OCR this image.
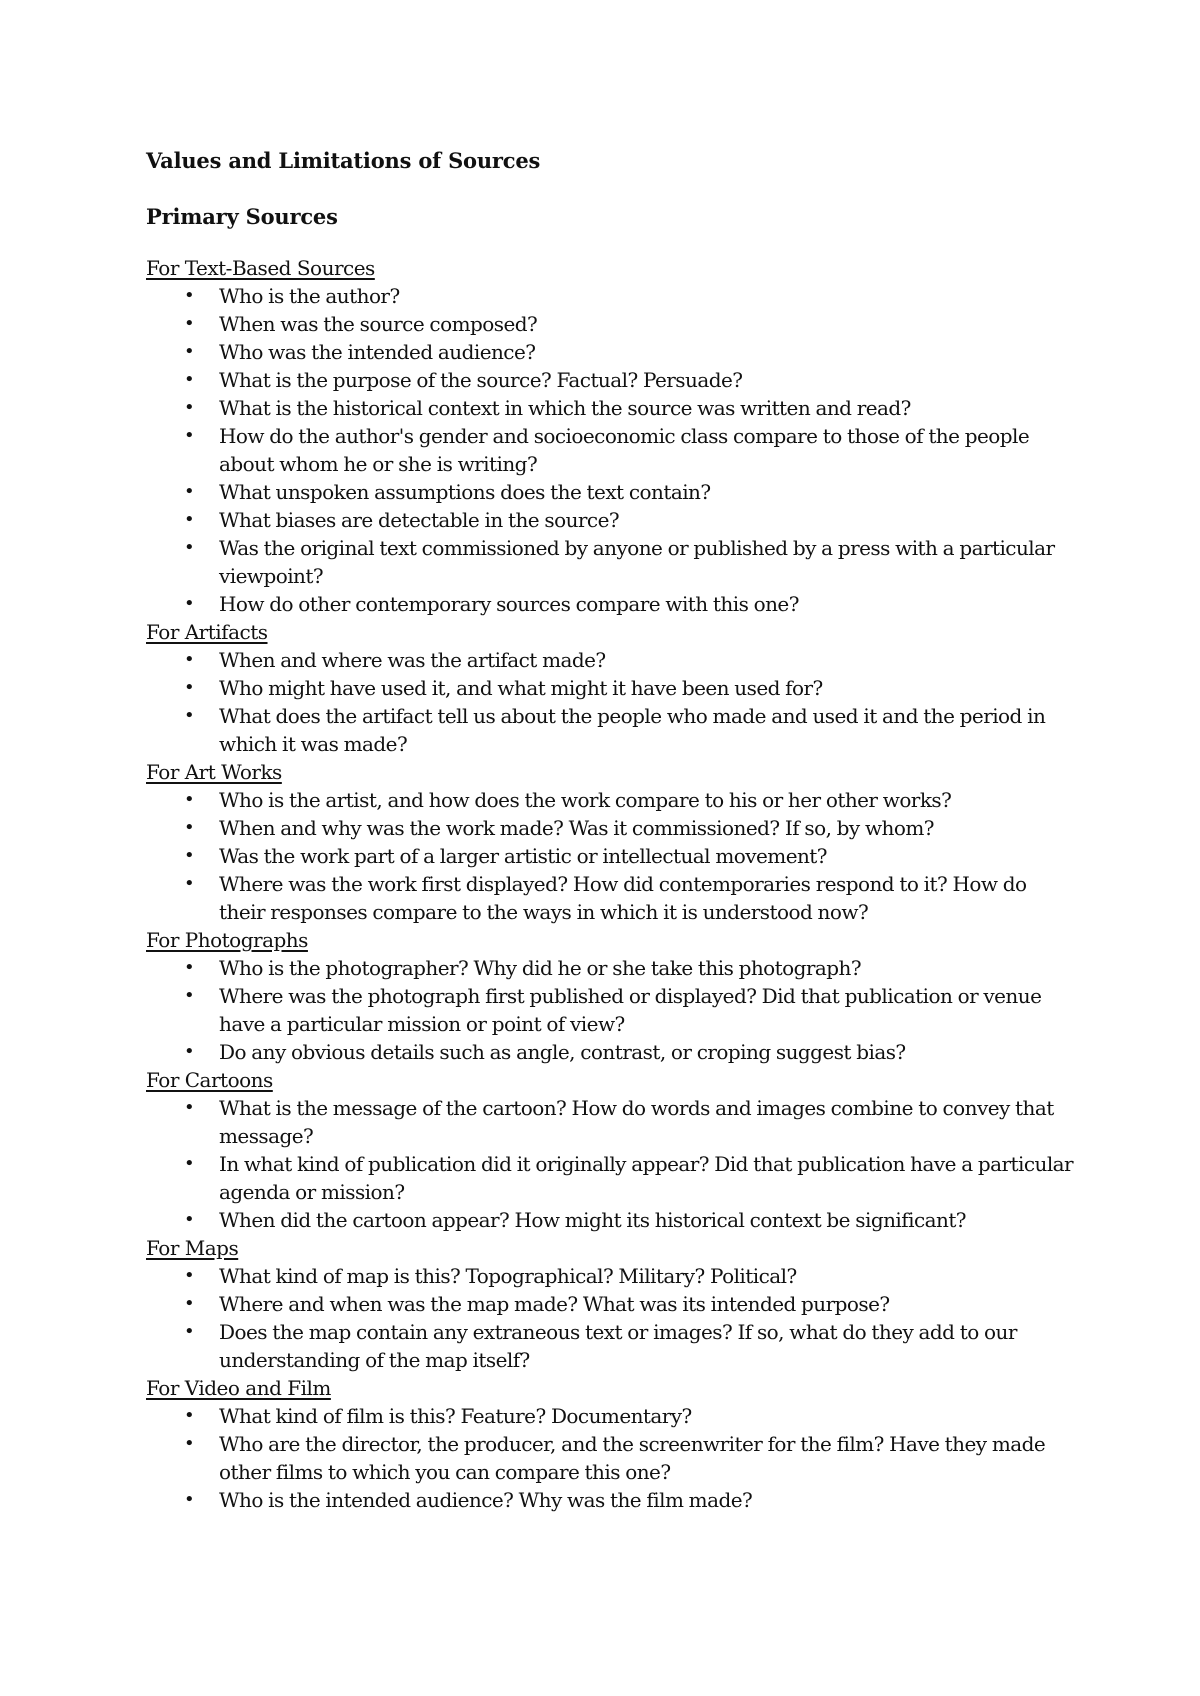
Values and Limitations of Sources
Primary Sources
For Text-Based Sources
• Who is the author?
• When was the source composed?
• Who was the intended audience?
• What is the purpose of the source? Factual? Persuade?
• What is the historical context in which the source was written and read?
• How do the author's gender and socioeconomic class compare to those of the people about whom he or she is writing?
• What unspoken assumptions does the text contain?
• What biases are detectable in the source?
• Was the original text commissioned by anyone or published by a press with a particular viewpoint?
• How do other contemporary sources compare with this one?
For Artifacts
• When and where was the artifact made?
• Who might have used it, and what might it have been used for?
• What does the artifact tell us about the people who made and used it and the period in which it was made?
For Art Works
• Who is the artist, and how does the work compare to his or her other works?
• When and why was the work made? Was it commissioned? If so, by whom?
• Was the work part of a larger artistic or intellectual movement?
• Where was the work first displayed? How did contemporaries respond to it? How do their responses compare to the ways in which it is understood now?
For Photographs
• Who is the photographer? Why did he or she take this photograph?
• Where was the photograph first published or displayed? Did that publication or venue have a particular mission or point of view?
• Do any obvious details such as angle, contrast, or croping suggest bias?
For Cartoons
• What is the message of the cartoon? How do words and images combine to convey that message?
• In what kind of publication did it originally appear? Did that publication have a particular agenda or mission?
• When did the cartoon appear? How might its historical context be significant?
For Maps
• What kind of map is this? Topographical? Military? Political?
• Where and when was the map made? What was its intended purpose?
• Does the map contain any extraneous text or images? If so, what do they add to our understanding of the map itself?
For Video and Film
• What kind of film is this? Feature? Documentary?
• Who are the director, the producer, and the screenwriter for the film? Have they made other films to which you can compare this one?
• Who is the intended audience? Why was the film made?
